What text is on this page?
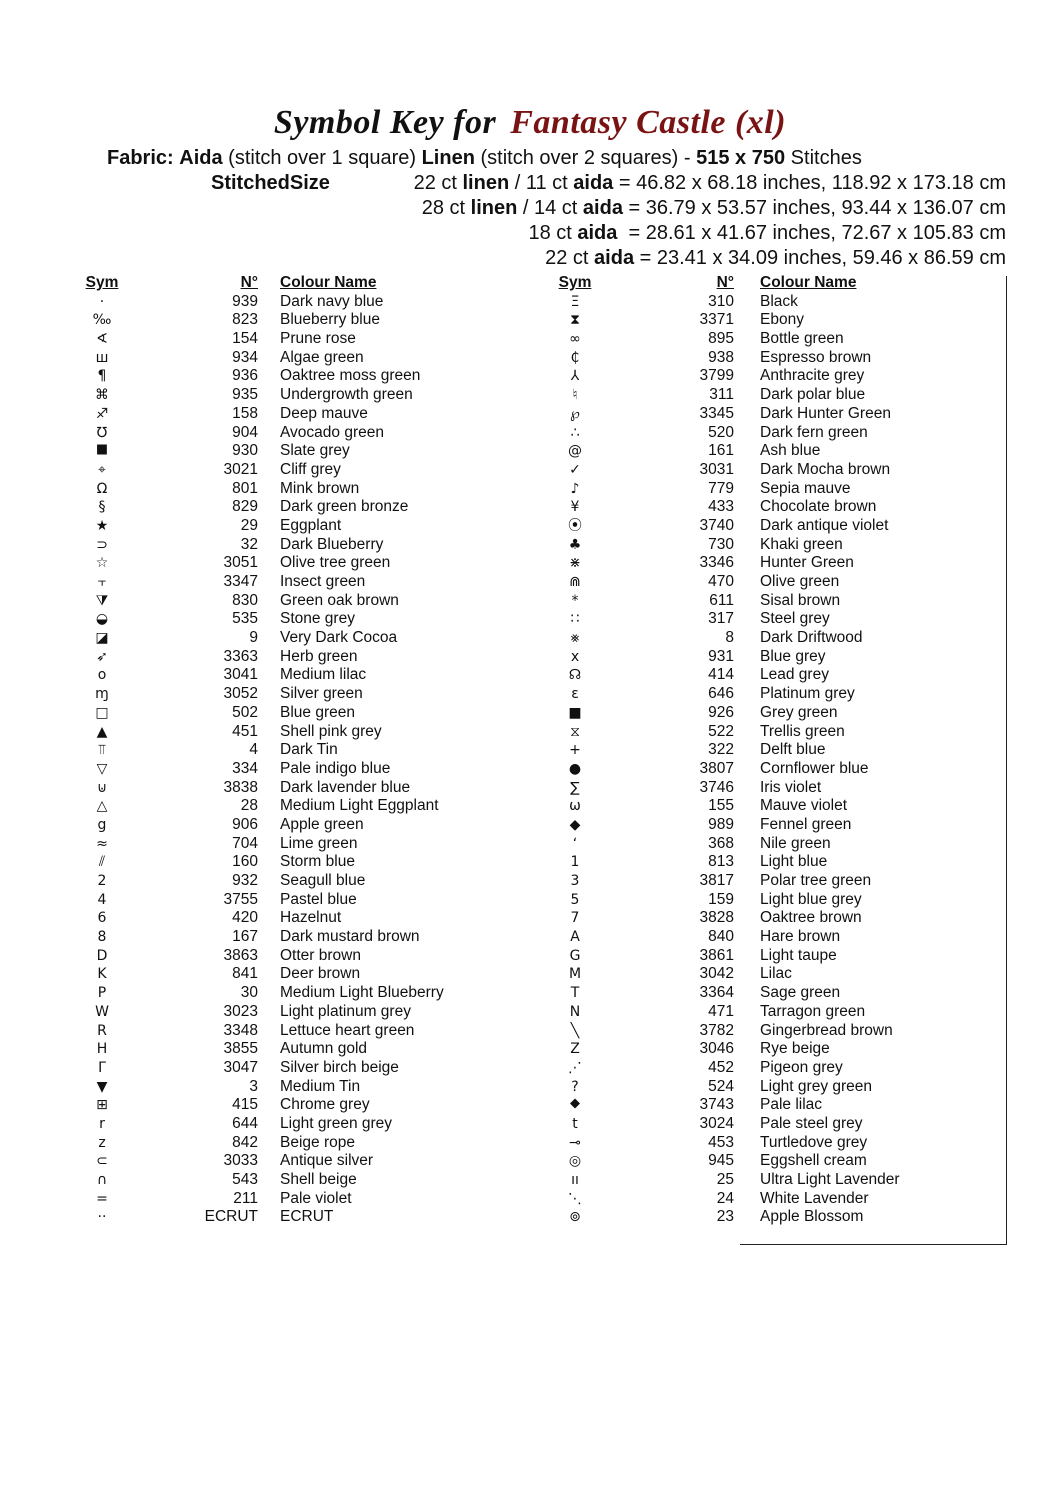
Symbol Key for Fantasy Castle (xl)
Fabric: Aida (stitch over 1 square) Linen (stitch over 2 squares) - 515 x 750 Stitches
StitchedSize	22 ct linen / 11 ct aida = 46.82 x 68.18 inches, 118.92 x 173.18 cm
28 ct linen / 14 ct aida = 36.79 x 53.57 inches, 93.44 x 136.07 cm
18 ct aida  = 28.61 x 41.67 inches, 72.67 x 105.83 cm
22 ct aida = 23.41 x 34.09 inches, 59.46 x 86.59 cm
Sym	N°	Colour Name
·	939	Dark navy blue
‰	823	Blueberry blue
∢	154	Prune rose
ш	934	Algae green
¶	936	Oaktree moss green
⌘	935	Undergrowth green
♐	158	Deep mauve
℧	904	Avocado green
⯀	930	Slate grey
⌖	3021	Cliff grey
Ω	801	Mink brown
§	829	Dark green bronze
★	29	Eggplant
⊃	32	Dark Blueberry
☆	3051	Olive tree green
⫟	3347	Insect green
⧩	830	Green oak brown
◒	535	Stone grey
◪	9	Very Dark Cocoa
➶	3363	Herb green
o	3041	Medium lilac
ɱ	3052	Silver green
□	502	Blue green
▲	451	Shell pink grey
⫪	4	Dark Tin
▽	334	Pale indigo blue
⊍	3838	Dark lavender blue
△	28	Medium Light Eggplant
g	906	Apple green
≈	704	Lime green
⫽	160	Storm blue
2	932	Seagull blue
4	3755	Pastel blue
6	420	Hazelnut
8	167	Dark mustard brown
D	3863	Otter brown
K	841	Deer brown
P	30	Medium Light Blueberry
W	3023	Light platinum grey
R	3348	Lettuce heart green
H	3855	Autumn gold
Γ	3047	Silver birch beige
▼	3	Medium Tin
⊞	415	Chrome grey
r	644	Light green grey
z	842	Beige rope
⊂	3033	Antique silver
∩	543	Shell beige
=	211	Pale violet
··	ECRUT	ECRUT
Sym	N°	Colour Name
Ξ	310	Black
⧗	3371	Ebony
∞	895	Bottle green
₵	938	Espresso brown
⅄	3799	Anthracite grey
♮	311	Dark polar blue
℘	3345	Dark Hunter Green
∴	520	Dark fern green
@	161	Ash blue
✓	3031	Dark Mocha brown
♪	779	Sepia mauve
¥	433	Chocolate brown
⦿	3740	Dark antique violet
♣	730	Khaki green
⋇	3346	Hunter Green
⋒	470	Olive green
*	611	Sisal brown
∷	317	Steel grey
⨳	8	Dark Driftwood
x	931	Blue grey
☊	414	Lead grey
ε	646	Platinum grey
■	926	Grey green
⧖	522	Trellis green
+	322	Delft blue
●	3807	Cornflower blue
∑	3746	Iris violet
ω	155	Mauve violet
◆	989	Fennel green
ʻ	368	Nile green
1	813	Light blue
3	3817	Polar tree green
5	159	Light blue grey
7	3828	Oaktree brown
A	840	Hare brown
G	3861	Light taupe
M	3042	Lilac
T	3364	Sage green
N	471	Tarragon green
╲	3782	Gingerbread brown
Z	3046	Rye beige
⋰	452	Pigeon grey
?	524	Light grey green
⯁	3743	Pale lilac
t	3024	Pale steel grey
⊸	453	Turtledove grey
◎	945	Eggshell cream
ıı	25	Ultra Light Lavender
⋱	24	White Lavender
⊚	23	Apple Blossom
